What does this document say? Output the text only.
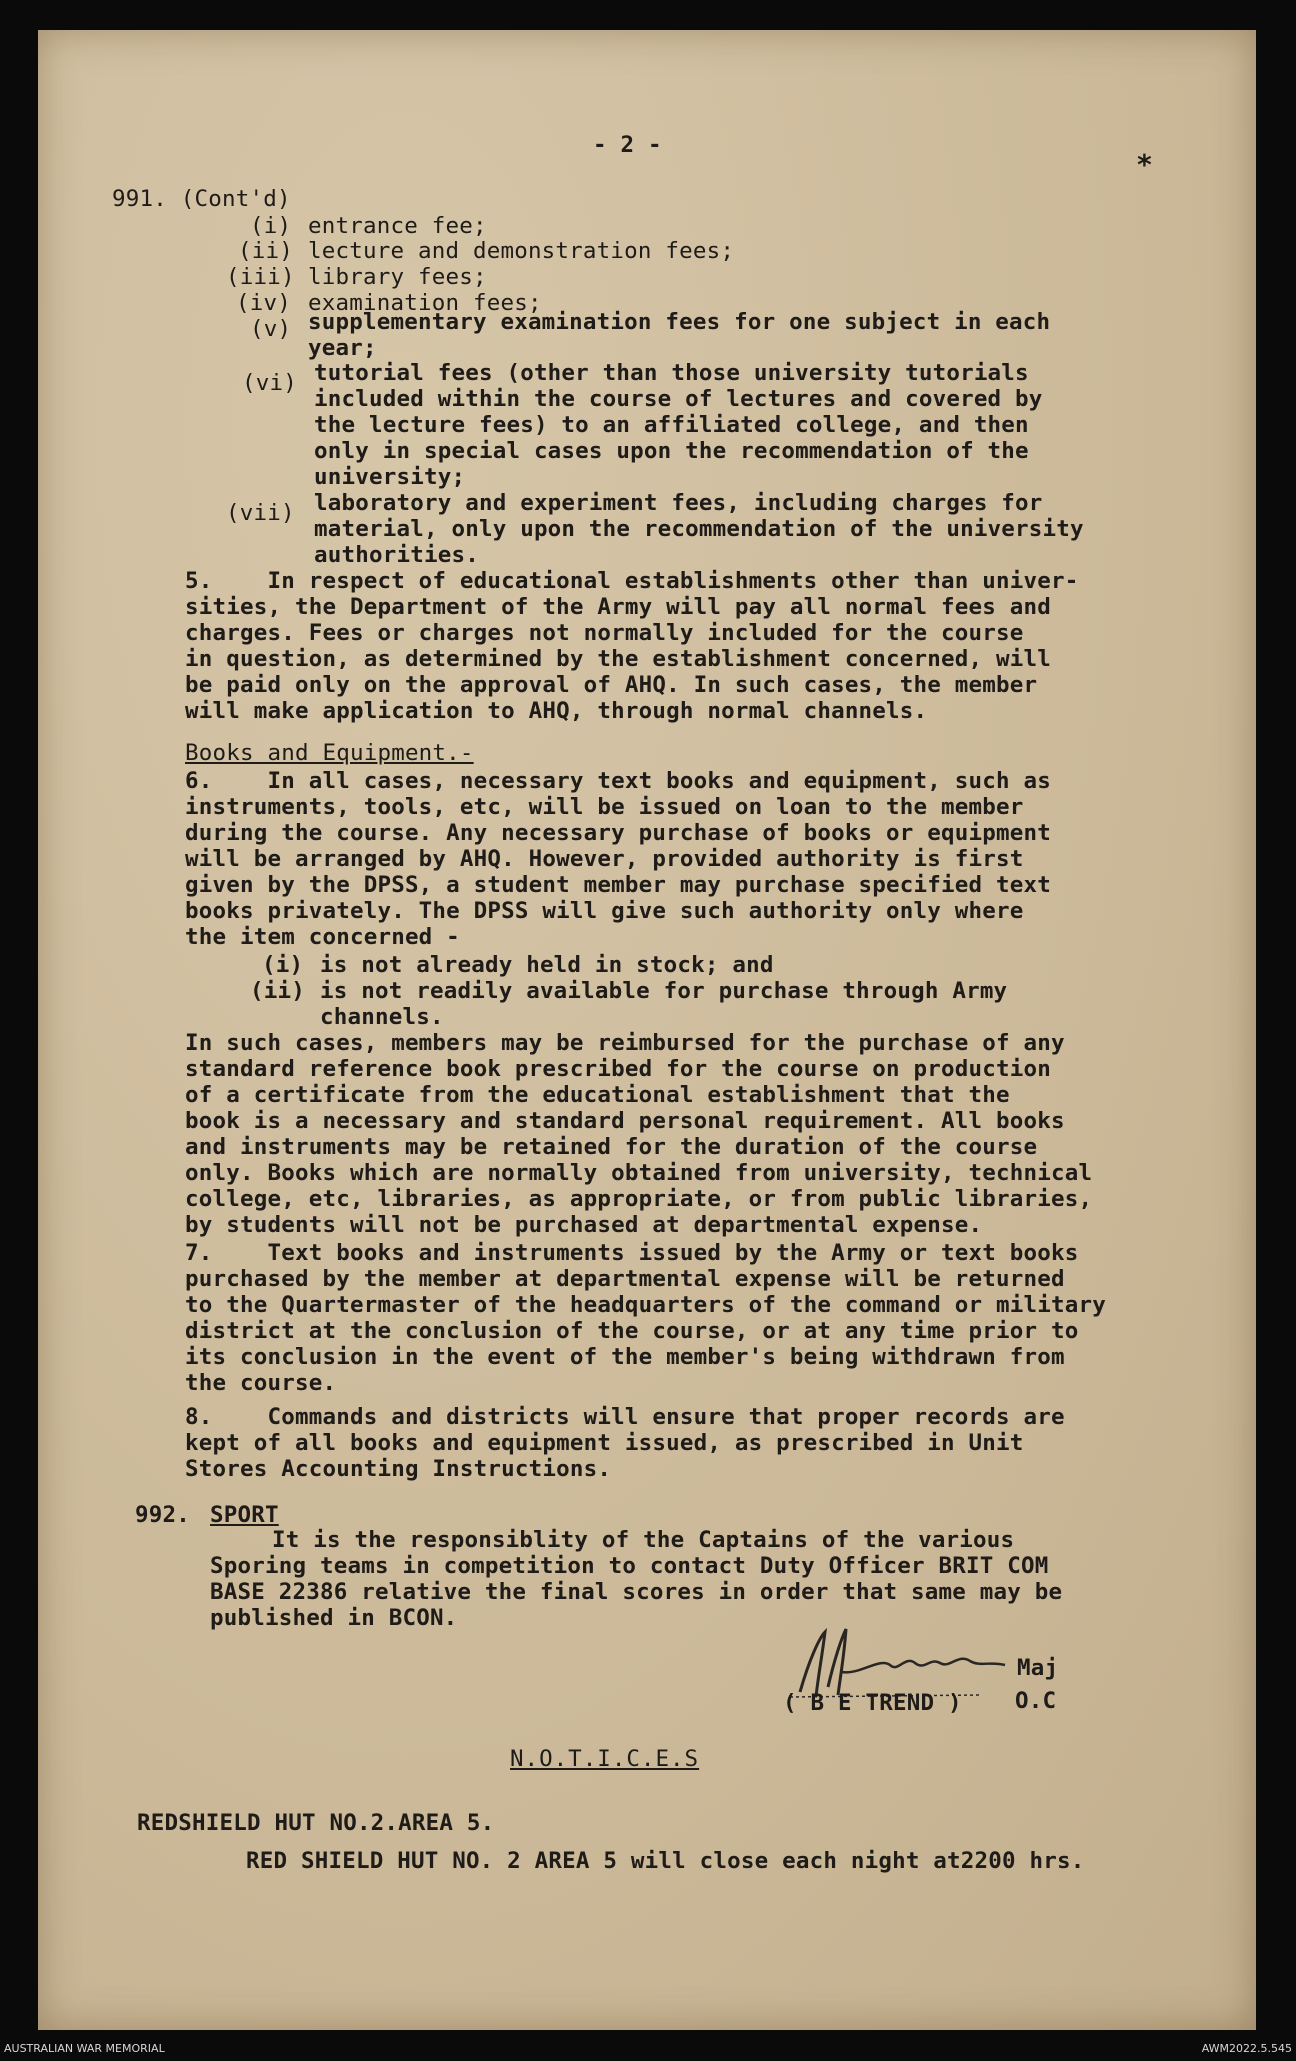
- 2 -
*
991. (Cont'd)
(i) entrance fee;
(ii) lecture and demonstration fees;
(iii) library fees;
(iv) examination fees;
(v) supplementary examination fees for one subject in each
year;
(vi) tutorial fees (other than those university tutorials
included within the course of lectures and covered by
the lecture fees) to an affiliated college, and then
only in special cases upon the recommendation of the
university;
(vii) laboratory and experiment fees, including charges for
material, only upon the recommendation of the university
authorities.
5.    In respect of educational establishments other than univer-
sities, the Department of the Army will pay all normal fees and
charges. Fees or charges not normally included for the course
in question, as determined by the establishment concerned, will
be paid only on the approval of AHQ. In such cases, the member
will make application to AHQ, through normal channels.
Books and Equipment.-
6.    In all cases, necessary text books and equipment, such as
instruments, tools, etc, will be issued on loan to the member
during the course. Any necessary purchase of books or equipment
will be arranged by AHQ. However, provided authority is first
given by the DPSS, a student member may purchase specified text
books privately. The DPSS will give such authority only where
the item concerned -
(i) is not already held in stock; and
(ii) is not readily available for purchase through Army
channels.
In such cases, members may be reimbursed for the purchase of any
standard reference book prescribed for the course on production
of a certificate from the educational establishment that the
book is a necessary and standard personal requirement. All books
and instruments may be retained for the duration of the course
only. Books which are normally obtained from university, technical
college, etc, libraries, as appropriate, or from public libraries,
by students will not be purchased at departmental expense.
7.    Text books and instruments issued by the Army or text books
purchased by the member at departmental expense will be returned
to the Quartermaster of the headquarters of the command or military
district at the conclusion of the course, or at any time prior to
its conclusion in the event of the member's being withdrawn from
the course.
8.    Commands and districts will ensure that proper records are
kept of all books and equipment issued, as prescribed in Unit
Stores Accounting Instructions.
992. SPORT
It is the responsiblity of the Captains of the various
Sporing teams in competition to contact Duty Officer BRIT COM
BASE 22386 relative the final scores in order that same may be
published in BCON.
Maj
( B E TREND ) O.C
N.O.T.I.C.E.S
REDSHIELD HUT NO.2.AREA 5.
RED SHIELD HUT NO. 2 AREA 5 will close each night at2200 hrs.
AUSTRALIAN WAR MEMORIAL	AWM2022.5.545
